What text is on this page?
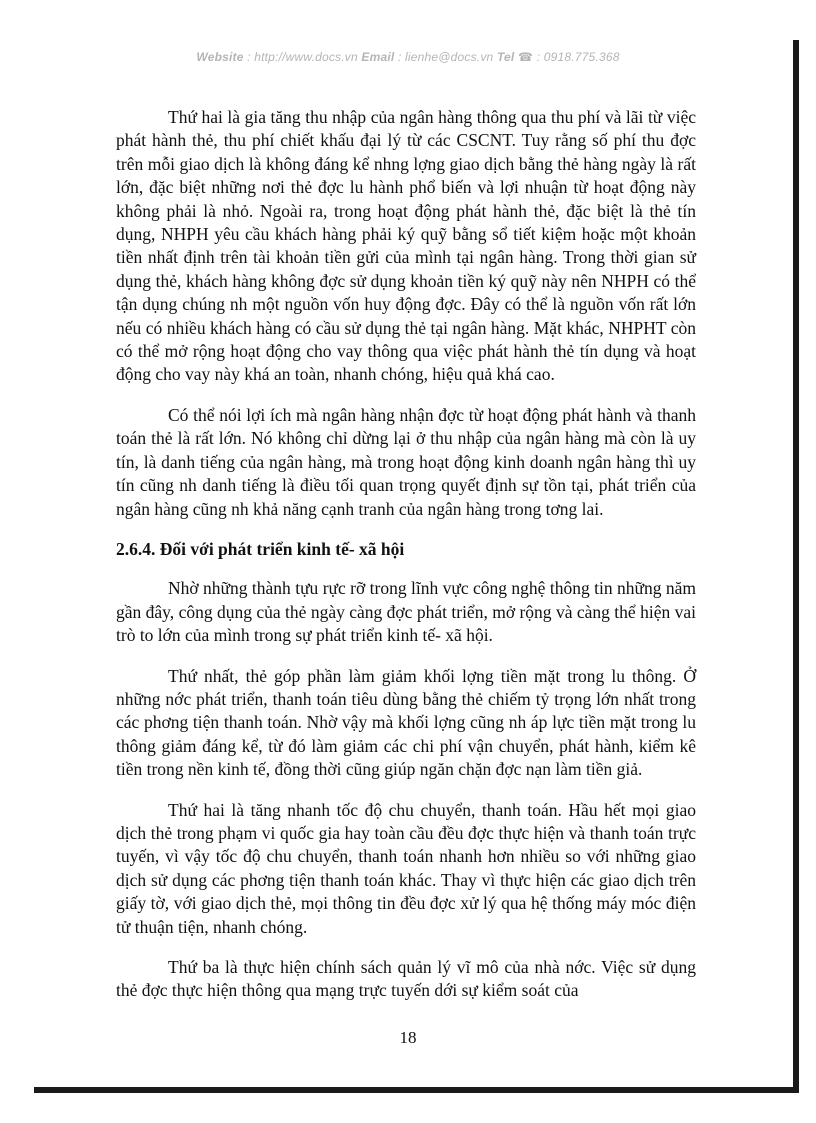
Website : http://www.docs.vn Email : lienhe@docs.vn Tel ☎ : 0918.775.368

Thứ hai là gia tăng thu nhập của ngân hàng thông qua thu phí và lãi từ việc phát hành thẻ, thu phí chiết khấu đại lý từ các CSCNT. Tuy rằng số phí thu đợc trên mỗi giao dịch là không đáng kể nhng lợng giao dịch bằng thẻ hàng ngày là rất lớn, đặc biệt những nơi thẻ đợc lu hành phổ biến và lợi nhuận từ hoạt động này không phải là nhỏ. Ngoài ra, trong hoạt động phát hành thẻ, đặc biệt là thẻ tín dụng, NHPH yêu cầu khách hàng phải ký quỹ bằng sổ tiết kiệm hoặc một khoản tiền nhất định trên tài khoản tiền gửi của mình tại ngân hàng. Trong thời gian sử dụng thẻ, khách hàng không đợc sử dụng khoản tiền ký quỹ này nên NHPH có thể tận dụng chúng nh một nguồn vốn huy động đợc. Đây có thể là nguồn vốn rất lớn nếu có nhiều khách hàng có cầu sử dụng thẻ tại ngân hàng. Mặt khác, NHPHT còn có thể mở rộng hoạt động cho vay thông qua việc phát hành thẻ tín dụng và hoạt động cho vay này khá an toàn, nhanh chóng, hiệu quả khá cao.

Có thể nói lợi ích mà ngân hàng nhận đợc từ hoạt động phát hành và thanh toán thẻ là rất lớn. Nó không chỉ dừng lại ở thu nhập của ngân hàng mà còn là uy tín, là danh tiếng của ngân hàng, mà trong hoạt động kinh doanh ngân hàng thì uy tín cũng nh danh tiếng là điều tối quan trọng quyết định sự tồn tại, phát triển của ngân hàng cũng nh khả năng cạnh tranh của ngân hàng trong tơng lai.

2.6.4. Đối với phát triển kinh tế- xã hội

Nhờ những thành tựu rực rỡ trong lĩnh vực công nghệ thông tin những năm gần đây, công dụng của thẻ ngày càng đợc phát triển, mở rộng và càng thể hiện vai trò to lớn của mình trong sự phát triển kinh tế- xã hội.

Thứ nhất, thẻ góp phần làm giảm khối lợng tiền mặt trong lu thông. Ở những nớc phát triển, thanh toán tiêu dùng bằng thẻ chiếm tỷ trọng lớn nhất trong các phơng tiện thanh toán. Nhờ vậy mà khối lợng cũng nh áp lực tiền mặt trong lu thông giảm đáng kể, từ đó làm giảm các chi phí vận chuyển, phát hành, kiểm kê tiền trong nền kinh tế, đồng thời cũng giúp ngăn chặn đợc nạn làm tiền giả.

Thứ hai là tăng nhanh tốc độ chu chuyển, thanh toán. Hầu hết mọi giao dịch thẻ trong phạm vi quốc gia hay toàn cầu đều đợc thực hiện và thanh toán trực tuyến, vì vậy tốc độ chu chuyển, thanh toán nhanh hơn nhiều so với những giao dịch sử dụng các phơng tiện thanh toán khác. Thay vì thực hiện các giao dịch trên giấy tờ, với giao dịch thẻ, mọi thông tin đều đợc xử lý qua hệ thống máy móc điện tử thuận tiện, nhanh chóng.

Thứ ba là thực hiện chính sách quản lý vĩ mô của nhà nớc. Việc sử dụng thẻ đợc thực hiện thông qua mạng trực tuyến dới sự kiểm soát của

18
